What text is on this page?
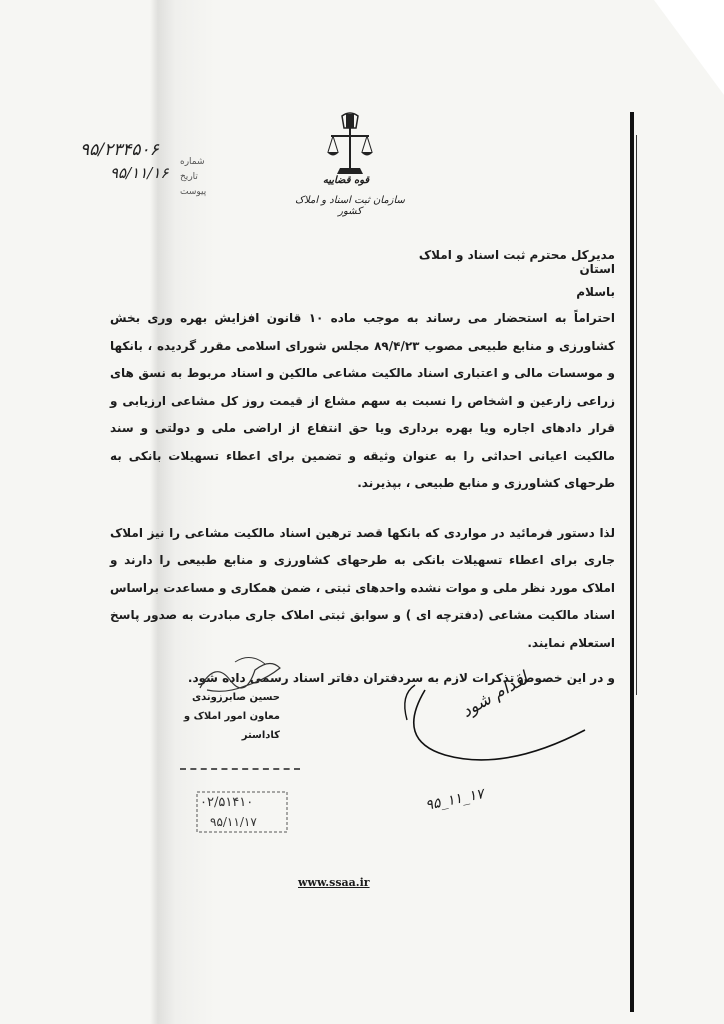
قوه قضاییه
سازمان ثبت اسناد و املاک کشور
شماره
تاریخ
پیوست
۹۵/۲۳۴۵۰۶
۹۵/۱۱/۱۶
مدیرکل محترم ثبت اسناد و املاک استان
باسلام

احتراماً به استحضار می رساند به موجب ماده ۱۰ قانون افزایش بهره وری بخش کشاورزی و منابع طبیعی مصوب ۸۹/۴/۲۳ مجلس شورای اسلامی مقرر گردیده ، بانکها و موسسات مالی و اعتباری اسناد مالکیت مشاعی مالکین و اسناد مربوط به نسق های زراعی زارعین و اشخاص را نسبت به سهم مشاع از قیمت روز کل مشاعی ارزیابی و قرار دادهای اجاره ویا بهره برداری ویا حق انتفاع از اراضی ملی و دولتی و سند مالکیت اعیانی احداثی را به عنوان وثیقه و تضمین برای اعطاء تسهیلات بانکی به طرحهای کشاورزی و منابع طبیعی ، بپذیرند.

لذا دستور فرمائید در مواردی که بانکها قصد ترهین اسناد مالکیت مشاعی را نیز املاک جاری برای اعطاء تسهیلات بانکی به طرحهای کشاورزی و منابع طبیعی را دارند و املاک مورد نظر ملی و موات نشده واحدهای ثبتی ، ضمن همکاری و مساعدت براساس اسناد مالکیت مشاعی (دفترچه ای ) و سوابق ثبتی املاک جاری مبادرت به صدور پاسخ استعلام نمایند.

و در این خصوص تذکرات لازم به سردفتران دفاتر اسناد رسمی داده شود.

حسین صابرزوندی
معاون امور املاک و کاداستر
۰۲/۵۱۴۱۰
۹۵/۱۱/۱۷
اقدام شود
۹۵_۱۱_۱۷
www.ssaa.ir
